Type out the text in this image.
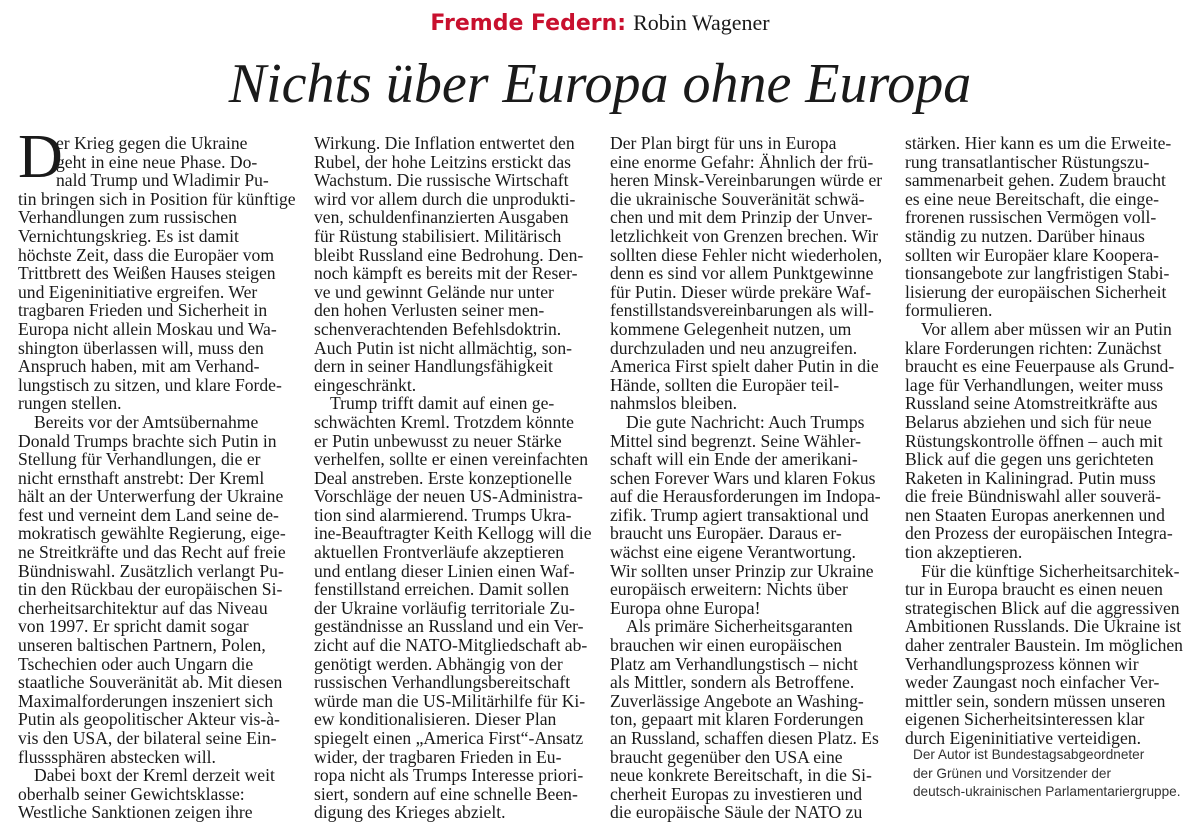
Fremde Federn: Robin Wagener
Nichts über Europa ohne Europa
D
er Krieg gegen die Ukraine
geht in eine neue Phase. Do-
nald Trump und Wladimir Pu-
tin bringen sich in Position für künftige
Verhandlungen zum russischen
Vernichtungskrieg. Es ist damit
höchste Zeit, dass die Europäer vom
Trittbrett des Weißen Hauses steigen
und Eigeninitiative ergreifen. Wer
tragbaren Frieden und Sicherheit in
Europa nicht allein Moskau und Wa-
shington überlassen will, muss den
Anspruch haben, mit am Verhand-
lungstisch zu sitzen, und klare Forde-
rungen stellen.
Bereits vor der Amtsübernahme
Donald Trumps brachte sich Putin in
Stellung für Verhandlungen, die er
nicht ernsthaft anstrebt: Der Kreml
hält an der Unterwerfung der Ukraine
fest und verneint dem Land seine de-
mokratisch gewählte Regierung, eige-
ne Streitkräfte und das Recht auf freie
Bündniswahl. Zusätzlich verlangt Pu-
tin den Rückbau der europäischen Si-
cherheitsarchitektur auf das Niveau
von 1997. Er spricht damit sogar
unseren baltischen Partnern, Polen,
Tschechien oder auch Ungarn die
staatliche Souveränität ab. Mit diesen
Maximalforderungen inszeniert sich
Putin als geopolitischer Akteur vis-à-
vis den USA, der bilateral seine Ein-
flusssphären abstecken will.
Dabei boxt der Kreml derzeit weit
oberhalb seiner Gewichtsklasse:
Westliche Sanktionen zeigen ihre
Wirkung. Die Inflation entwertet den
Rubel, der hohe Leitzins erstickt das
Wachstum. Die russische Wirtschaft
wird vor allem durch die unprodukti-
ven, schuldenfinanzierten Ausgaben
für Rüstung stabilisiert. Militärisch
bleibt Russland eine Bedrohung. Den-
noch kämpft es bereits mit der Reser-
ve und gewinnt Gelände nur unter
den hohen Verlusten seiner men-
schenverachtenden Befehlsdoktrin.
Auch Putin ist nicht allmächtig, son-
dern in seiner Handlungsfähigkeit
eingeschränkt.
Trump trifft damit auf einen ge-
schwächten Kreml. Trotzdem könnte
er Putin unbewusst zu neuer Stärke
verhelfen, sollte er einen vereinfachten
Deal anstreben. Erste konzeptionelle
Vorschläge der neuen US-Administra-
tion sind alarmierend. Trumps Ukra-
ine-Beauftragter Keith Kellogg will die
aktuellen Frontverläufe akzeptieren
und entlang dieser Linien einen Waf-
fenstillstand erreichen. Damit sollen
der Ukraine vorläufig territoriale Zu-
geständnisse an Russland und ein Ver-
zicht auf die NATO-Mitgliedschaft ab-
genötigt werden. Abhängig von der
russischen Verhandlungsbereitschaft
würde man die US-Militärhilfe für Ki-
ew konditionalisieren. Dieser Plan
spiegelt einen „America First“-Ansatz
wider, der tragbaren Frieden in Eu-
ropa nicht als Trumps Interesse priori-
siert, sondern auf eine schnelle Been-
digung des Krieges abzielt.
Der Plan birgt für uns in Europa
eine enorme Gefahr: Ähnlich der frü-
heren Minsk-Vereinbarungen würde er
die ukrainische Souveränität schwä-
chen und mit dem Prinzip der Unver-
letzlichkeit von Grenzen brechen. Wir
sollten diese Fehler nicht wiederholen,
denn es sind vor allem Punktgewinne
für Putin. Dieser würde prekäre Waf-
fenstillstandsvereinbarungen als will-
kommene Gelegenheit nutzen, um
durchzuladen und neu anzugreifen.
America First spielt daher Putin in die
Hände, sollten die Europäer teil-
nahmslos bleiben.
Die gute Nachricht: Auch Trumps
Mittel sind begrenzt. Seine Wähler-
schaft will ein Ende der amerikani-
schen Forever Wars und klaren Fokus
auf die Herausforderungen im Indopa-
zifik. Trump agiert transaktional und
braucht uns Europäer. Daraus er-
wächst eine eigene Verantwortung.
Wir sollten unser Prinzip zur Ukraine
europäisch erweitern: Nichts über
Europa ohne Europa!
Als primäre Sicherheitsgaranten
brauchen wir einen europäischen
Platz am Verhandlungstisch – nicht
als Mittler, sondern als Betroffene.
Zuverlässige Angebote an Washing-
ton, gepaart mit klaren Forderungen
an Russland, schaffen diesen Platz. Es
braucht gegenüber den USA eine
neue konkrete Bereitschaft, in die Si-
cherheit Europas zu investieren und
die europäische Säule der NATO zu
stärken. Hier kann es um die Erweite-
rung transatlantischer Rüstungszu-
sammenarbeit gehen. Zudem braucht
es eine neue Bereitschaft, die einge-
frorenen russischen Vermögen voll-
ständig zu nutzen. Darüber hinaus
sollten wir Europäer klare Kooperа-
tionsangebote zur langfristigen Stabi-
lisierung der europäischen Sicherheit
formulieren.
Vor allem aber müssen wir an Putin
klare Forderungen richten: Zunächst
braucht es eine Feuerpause als Grund-
lage für Verhandlungen, weiter muss
Russland seine Atomstreitkräfte aus
Belarus abziehen und sich für neue
Rüstungskontrolle öffnen – auch mit
Blick auf die gegen uns gerichteten
Raketen in Kaliningrad. Putin muss
die freie Bündniswahl aller souverä-
nen Staaten Europas anerkennen und
den Prozess der europäischen Integra-
tion akzeptieren.
Für die künftige Sicherheitsarchitek-
tur in Europa braucht es einen neuen
strategischen Blick auf die aggressiven
Ambitionen Russlands. Die Ukraine ist
daher zentraler Baustein. Im möglichen
Verhandlungsprozess können wir
weder Zaungast noch einfacher Ver-
mittler sein, sondern müssen unseren
eigenen Sicherheitsinteressen klar
durch Eigeninitiative verteidigen.
Der Autor ist Bundestagsabgeordneter
der Grünen und Vorsitzender der
deutsch-ukrainischen Parlamentariergruppe.
